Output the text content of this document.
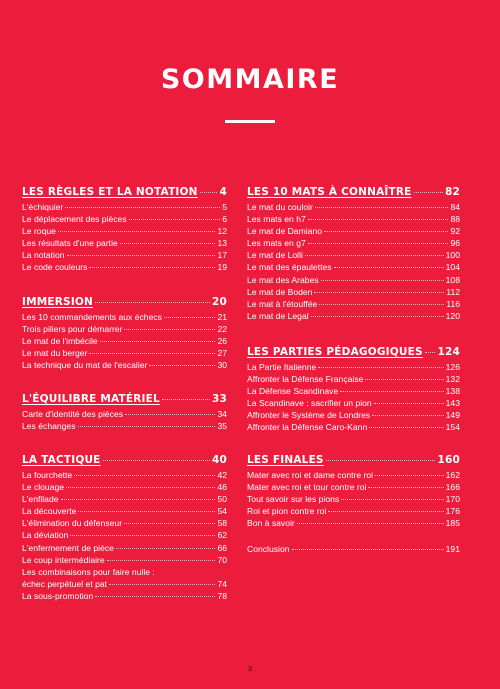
SOMMAIRE
LES RÈGLES ET LA NOTATION 4
L'échiquier	5
Le déplacement des pièces	6
Le roque	12
Les résultats d'une partie	13
La notation	17
Le code couleurs	19
IMMERSION	20
Les 10 commandements aux échecs	21
Trois piliers pour démarrer	22
Le mat de l'imbécile	26
Le mat du berger	27
La technique du mat de l'escalier	30
L'ÉQUILIBRE MATÉRIEL	33
Carte d'identité des pièces	34
Les échanges	35
LA TACTIQUE	40
La fourchette	42
Le clouage	46
L'enfilade	50
La découverte	54
L'élimination du défenseur	58
La déviation	62
L'enfermement de pièce	66
Le coup intermédiaire	70
Les combinaisons pour faire nulle :
échec perpétuel et pat	74
La sous-promotion	78
LES 10 MATS À CONNAÎTRE	82
Le mat du couloir	84
Les mats en h7	88
Le mat de Damiano	92
Les mats en g7	96
Le mat de Lolli	100
Le mat des épaulettes	104
Le mat des Arabes	108
Le mat de Boden	112
Le mat à l'étouffée	116
Le mat de Legal	120
LES PARTIES PÉDAGOGIQUES 124
La Partie Italienne	126
Affronter la Défense Française	132
La Défense Scandinave	138
La Scandinave : sacrifier un pion	143
Affronter le Système de Londres	149
Affronter la Défense Caro-Kann	154
LES FINALES	160
Mater avec roi et dame contre roi	162
Mater avec roi et tour contre roi	166
Tout savoir sur les pions	170
Roi et pion contre roi	176
Bon à savoir	185
Conclusion	191
3
